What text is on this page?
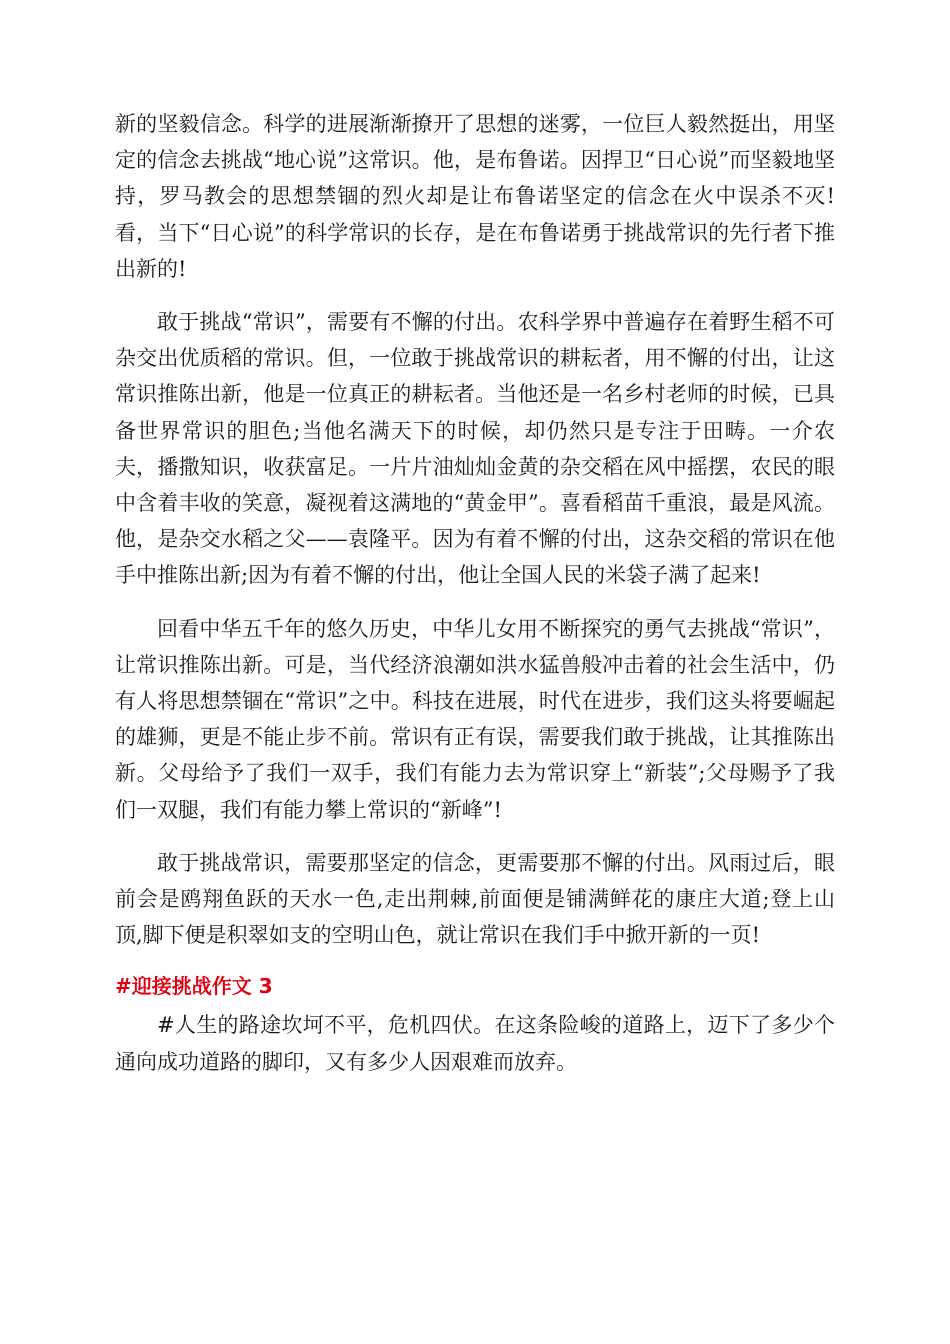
新的坚毅信念。科学的进展渐渐撩开了思想的迷雾，一位巨人毅然挺出，用坚定的信念去挑战“地心说”这常识。他，是布鲁诺。因捍卫“日心说”而坚毅地坚持，罗马教会的思想禁锢的烈火却是让布鲁诺坚定的信念在火中误杀不灭!看，当下“日心说”的科学常识的长存，是在布鲁诺勇于挑战常识的先行者下推出新的!

敢于挑战“常识”，需要有不懈的付出。农科学界中普遍存在着野生稻不可杂交出优质稻的常识。但，一位敢于挑战常识的耕耘者，用不懈的付出，让这常识推陈出新，他是一位真正的耕耘者。当他还是一名乡村老师的时候，已具备世界常识的胆色;当他名满天下的时候，却仍然只是专注于田畴。一介农夫，播撒知识，收获富足。一片片油灿灿金黄的杂交稻在风中摇摆，农民的眼中含着丰收的笑意，凝视着这满地的“黄金甲”。喜看稻苗千重浪，最是风流。他，是杂交水稻之父——袁隆平。因为有着不懈的付出，这杂交稻的常识在他手中推陈出新;因为有着不懈的付出，他让全国人民的米袋子满了起来!

回看中华五千年的悠久历史，中华儿女用不断探究的勇气去挑战“常识”，让常识推陈出新。可是，当代经济浪潮如洪水猛兽般冲击着的社会生活中，仍有人将思想禁锢在“常识”之中。科技在进展，时代在进步，我们这头将要崛起的雄狮，更是不能止步不前。常识有正有误，需要我们敢于挑战，让其推陈出新。父母给予了我们一双手，我们有能力去为常识穿上“新装”;父母赐予了我们一双腿，我们有能力攀上常识的“新峰”!

敢于挑战常识，需要那坚定的信念，更需要那不懈的付出。风雨过后，眼前会是鸥翔鱼跃的天水一色,走出荆棘,前面便是铺满鲜花的康庄大道;登上山顶,脚下便是积翠如支的空明山色，就让常识在我们手中掀开新的一页!

#迎接挑战作文 3

#人生的路途坎坷不平，危机四伏。在这条险峻的道路上，迈下了多少个通向成功道路的脚印，又有多少人因艰难而放弃。
